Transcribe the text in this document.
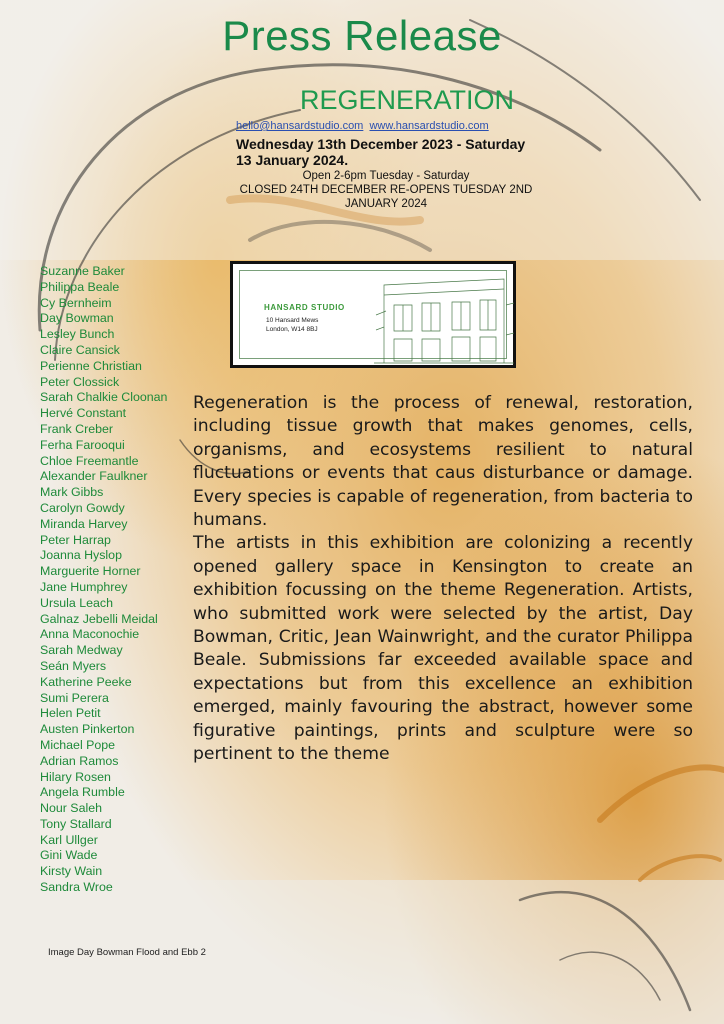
Press Release
REGENERATION
hello@hansardstudio.com www.hansardstudio.com
Wednesday 13th December 2023 - Saturday 13 January 2024.
Open 2-6pm Tuesday - Saturday
CLOSED 24TH DECEMBER RE-OPENS TUESDAY 2ND JANUARY 2024
HANSARD STUDIO
10 Hansard Mews
London, W14 8BJ
Suzanne Baker
Philippa Beale
Cy Bernheim
Day Bowman
Lesley Bunch
Claire Cansick
Perienne Christian
Peter Clossick
Sarah Chalkie Cloonan
Hervé Constant
Frank Creber
Ferha Farooqui
Chloe Freemantle
Alexander Faulkner
Mark Gibbs
Carolyn Gowdy
Miranda Harvey
Peter Harrap
Joanna Hyslop
Marguerite Horner
Jane Humphrey
Ursula Leach
Galnaz Jebelli Meidal
Anna Maconochie
Sarah Medway
Seán Myers
Katherine Peeke
Sumi Perera
Helen Petit
Austen Pinkerton
Michael Pope
Adrian Ramos
Hilary Rosen
Angela Rumble
Nour Saleh
Tony Stallard
Karl Ullger
Gini Wade
Kirsty Wain
Sandra Wroe

Regeneration is the process of renewal, restoration, including tissue growth that makes genomes, cells, organisms, and ecosystems resilient to natural fluctuations or events that caus disturbance or damage. Every species is capable of regeneration, from bacteria to humans.

The artists in this exhibition are colonizing a recently opened gallery space in Kensington to create an exhibition focussing on the theme Regeneration. Artists, who submitted work were selected by the artist, Day Bowman, Critic, Jean Wainwright, and the curator Philippa Beale. Submissions far exceeded available space and expectations but from this excellence an exhibition emerged, mainly favouring the abstract, however some figurative paintings, prints and sculpture were so pertinent to the theme

Image Day Bowman Flood and Ebb 2
